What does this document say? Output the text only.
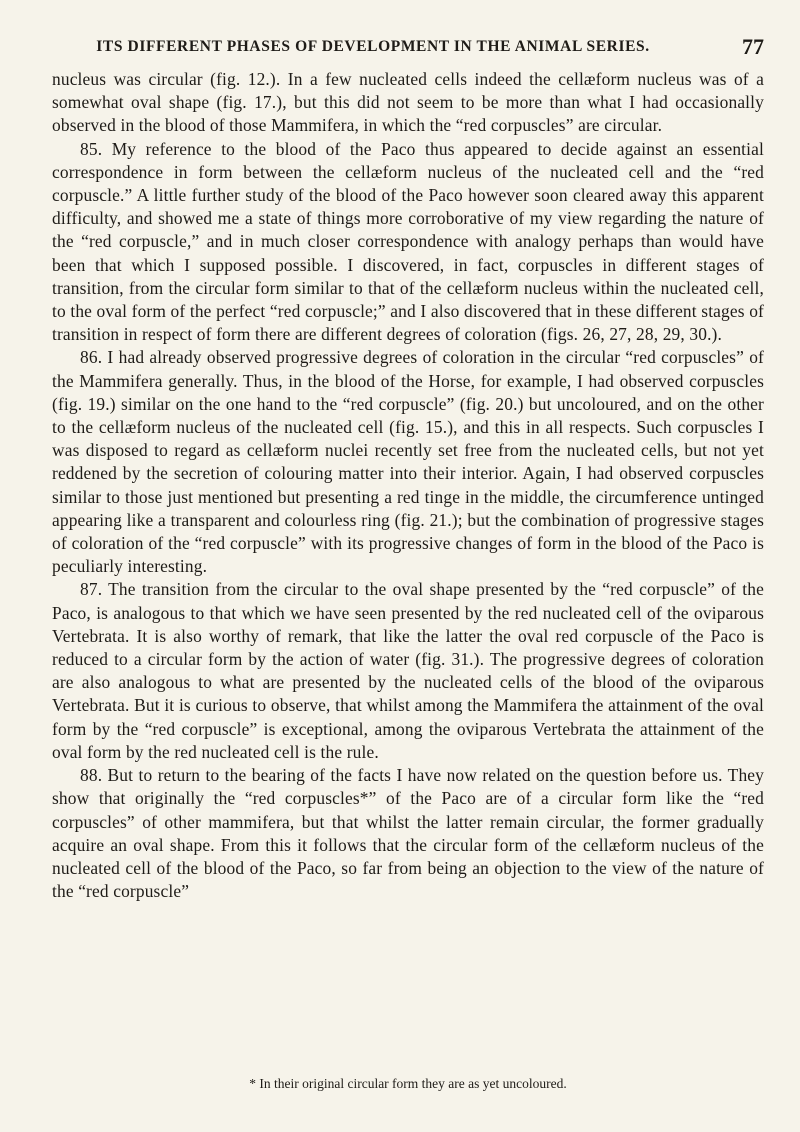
ITS DIFFERENT PHASES OF DEVELOPMENT IN THE ANIMAL SERIES.	77

nucleus was circular (fig. 12.). In a few nucleated cells indeed the cellæform nucleus was of a somewhat oval shape (fig. 17.), but this did not seem to be more than what I had occasionally observed in the blood of those Mammifera, in which the “red corpuscles” are circular.

85. My reference to the blood of the Paco thus appeared to decide against an essential correspondence in form between the cellæform nucleus of the nucleated cell and the “red corpuscle.” A little further study of the blood of the Paco however soon cleared away this apparent difficulty, and showed me a state of things more corroborative of my view regarding the nature of the “red corpuscle,” and in much closer correspondence with analogy perhaps than would have been that which I supposed possible. I discovered, in fact, corpuscles in different stages of transition, from the circular form similar to that of the cellæform nucleus within the nucleated cell, to the oval form of the perfect “red corpuscle;” and I also discovered that in these different stages of transition in respect of form there are different degrees of coloration (figs. 26, 27, 28, 29, 30.).

86. I had already observed progressive degrees of coloration in the circular “red corpuscles” of the Mammifera generally. Thus, in the blood of the Horse, for example, I had observed corpuscles (fig. 19.) similar on the one hand to the “red corpuscle” (fig. 20.) but uncoloured, and on the other to the cellæform nucleus of the nucleated cell (fig. 15.), and this in all respects. Such corpuscles I was disposed to regard as cellæform nuclei recently set free from the nucleated cells, but not yet reddened by the secretion of colouring matter into their interior. Again, I had observed corpuscles similar to those just mentioned but presenting a red tinge in the middle, the circumference untinged appearing like a transparent and colourless ring (fig. 21.); but the combination of progressive stages of coloration of the “red corpuscle” with its progressive changes of form in the blood of the Paco is peculiarly interesting.

87. The transition from the circular to the oval shape presented by the “red corpuscle” of the Paco, is analogous to that which we have seen presented by the red nucleated cell of the oviparous Vertebrata. It is also worthy of remark, that like the latter the oval red corpuscle of the Paco is reduced to a circular form by the action of water (fig. 31.). The progressive degrees of coloration are also analogous to what are presented by the nucleated cells of the blood of the oviparous Vertebrata. But it is curious to observe, that whilst among the Mammifera the attainment of the oval form by the “red corpuscle” is exceptional, among the oviparous Vertebrata the attainment of the oval form by the red nucleated cell is the rule.

88. But to return to the bearing of the facts I have now related on the question before us. They show that originally the “red corpuscles*” of the Paco are of a circular form like the “red corpuscles” of other mammifera, but that whilst the latter remain circular, the former gradually acquire an oval shape. From this it follows that the circular form of the cellæform nucleus of the nucleated cell of the blood of the Paco, so far from being an objection to the view of the nature of the “red corpuscle”

* In their original circular form they are as yet uncoloured.
